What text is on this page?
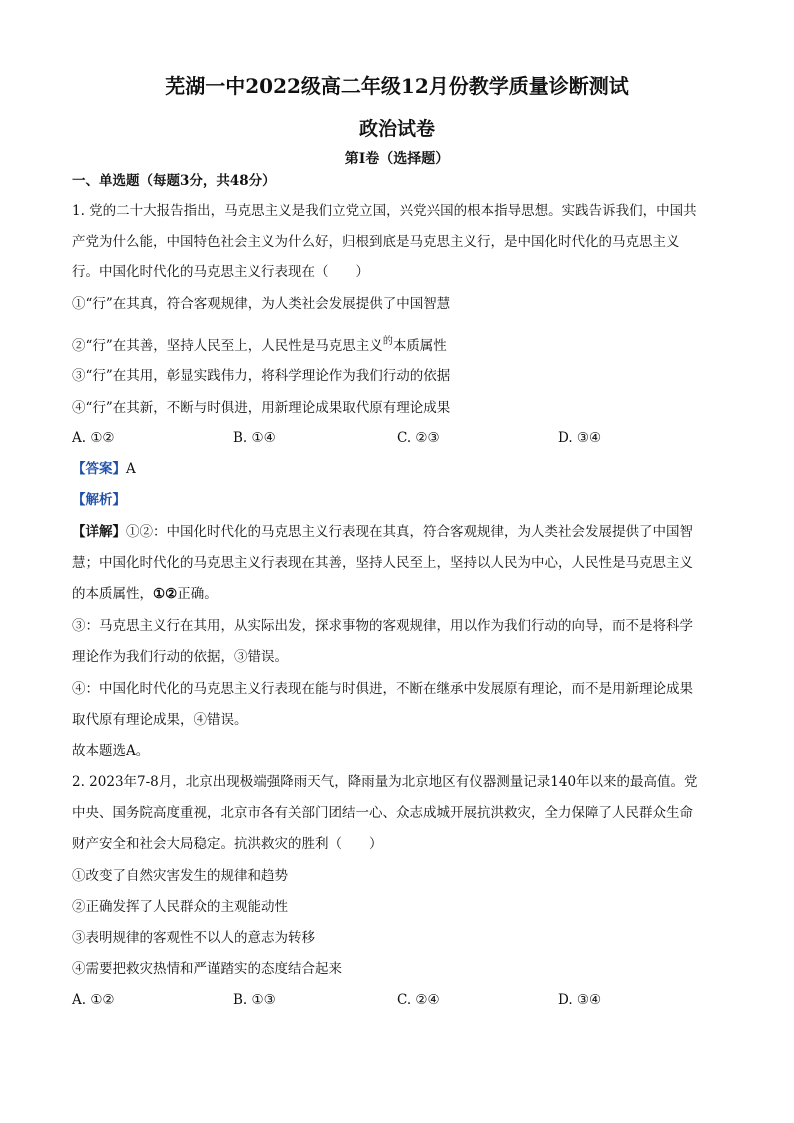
芜湖一中2022级高二年级12月份教学质量诊断测试
政治试卷
第Ⅰ卷（选择题）
一、单选题（每题3分，共48分）
1. 党的二十大报告指出，马克思主义是我们立党立国，兴党兴国的根本指导思想。实践告诉我们，中国共
产党为什么能，中国特色社会主义为什么好，归根到底是马克思主义行，是中国化时代化的马克思主义
行。中国化时代化的马克思主义行表现在（　　）
①“行”在其真，符合客观规律，为人类社会发展提供了中国智慧
②“行”在其善，坚持人民至上，人民性是马克思主义$^的$本质属性
③“行”在其用，彰显实践伟力，将科学理论作为我们行动的依据
④“行”在其新，不断与时俱进，用新理论成果取代原有理论成果
A. ①②	B. ①④	C. ②③	D. ③④
【答案】A
【解析】
【详解】①②：中国化时代化的马克思主义行表现在其真，符合客观规律，为人类社会发展提供了中国智
慧；中国化时代化的马克思主义行表现在其善，坚持人民至上，坚持以人民为中心，人民性是马克思主义
的本质属性，①②正确。
③：马克思主义行在其用，从实际出发，探求事物的客观规律，用以作为我们行动的向导，而不是将科学
理论作为我们行动的依据，③错误。
④：中国化时代化的马克思主义行表现在能与时俱进，不断在继承中发展原有理论，而不是用新理论成果
取代原有理论成果，④错误。
故本题选A。
2. 2023年7-8月，北京出现极端强降雨天气，降雨量为北京地区有仪器测量记录140年以来的最高值。党
中央、国务院高度重视，北京市各有关部门团结一心、众志成城开展抗洪救灾，全力保障了人民群众生命
财产安全和社会大局稳定。抗洪救灾的胜利（　　）
①改变了自然灾害发生的规律和趋势
②正确发挥了人民群众的主观能动性
③表明规律的客观性不以人的意志为转移
④需要把救灾热情和严谨踏实的态度结合起来
A. ①②	B. ①③	C. ②④	D. ③④
